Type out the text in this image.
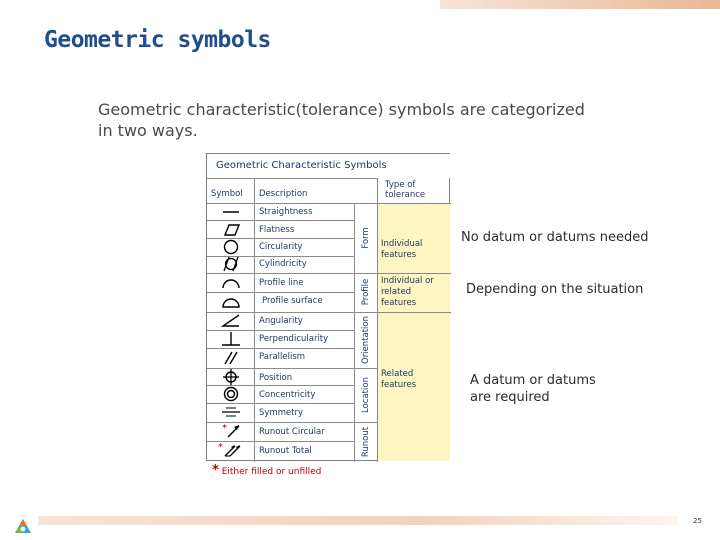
Geometric symbols
Geometric characteristic(tolerance) symbols are categorized in two ways.
Geometric Characteristic Symbols
Symbol Description
Type of tolerance
Straightness
Flatness
Circularity
Cylindricity
Profile line
Profile surface
Angularity
Perpendicularity
Parallelism
Position
Concentricity
Symmetry
Runout Circular
Runout Total
*
*
Form
Profile
Orientation
Location
Runout
Individual features
Individual or related features
Related features
No datum or datums needed
Depending on the situation
A datum or datums are required
* Either filled or unfilled
25
